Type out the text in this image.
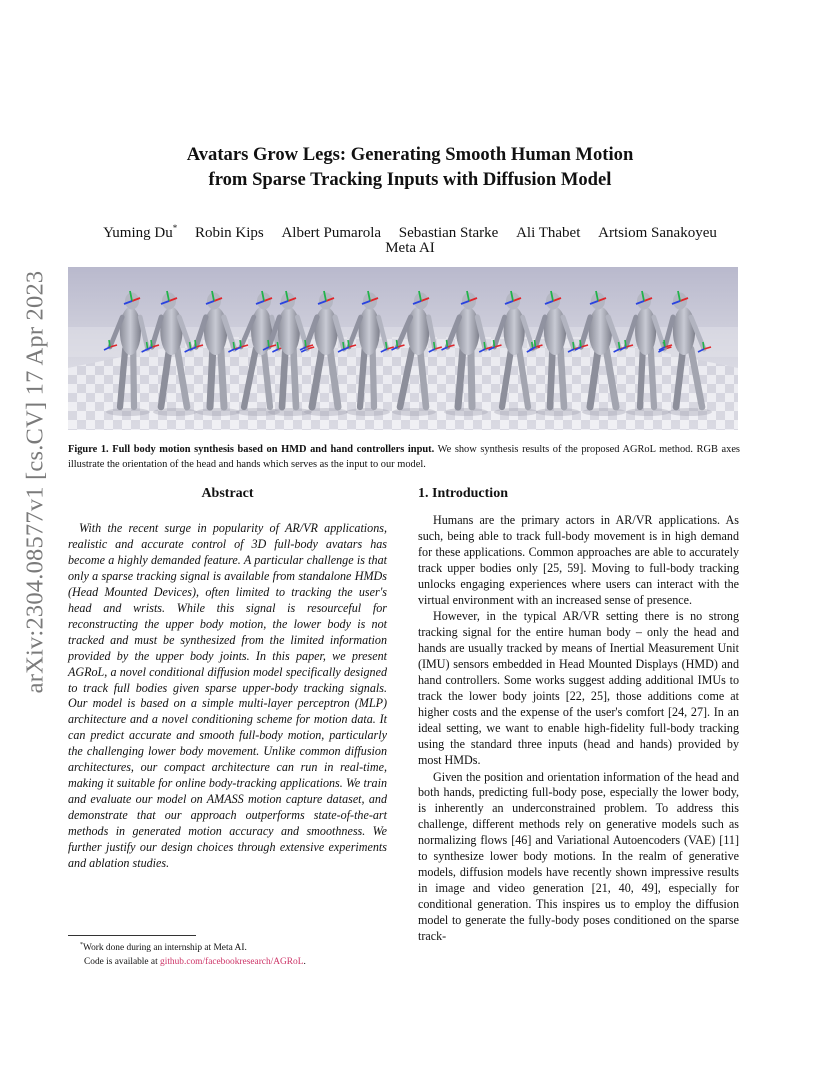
arXiv:2304.08577v1 [cs.CV] 17 Apr 2023
Avatars Grow Legs: Generating Smooth Human Motion
from Sparse Tracking Inputs with Diffusion Model
Yuming Du* Robin Kips Albert Pumarola Sebastian Starke Ali Thabet Artsiom Sanakoyeu
Meta AI
Figure 1. Full body motion synthesis based on HMD and hand controllers input. We show synthesis results of the proposed AGRoL method. RGB axes illustrate the orientation of the head and hands which serves as the input to our model.
Abstract
With the recent surge in popularity of AR/VR applications, realistic and accurate control of 3D full-body avatars has become a highly demanded feature. A particular challenge is that only a sparse tracking signal is available from standalone HMDs (Head Mounted Devices), often limited to tracking the user's head and wrists. While this signal is resourceful for reconstructing the upper body motion, the lower body is not tracked and must be synthesized from the limited information provided by the upper body joints. In this paper, we present AGRoL, a novel conditional diffusion model specifically designed to track full bodies given sparse upper-body tracking signals. Our model is based on a simple multi-layer perceptron (MLP) architecture and a novel conditioning scheme for motion data. It can predict accurate and smooth full-body motion, particularly the challenging lower body movement. Unlike common diffusion architectures, our compact architecture can run in real-time, making it suitable for online body-tracking applications. We train and evaluate our model on AMASS motion capture dataset, and demonstrate that our approach outperforms state-of-the-art methods in generated motion accuracy and smoothness. We further justify our design choices through extensive experiments and ablation studies.
1. Introduction

Humans are the primary actors in AR/VR applications. As such, being able to track full-body movement is in high demand for these applications. Common approaches are able to accurately track upper bodies only [25, 59]. Moving to full-body tracking unlocks engaging experiences where users can interact with the virtual environment with an increased sense of presence.

However, in the typical AR/VR setting there is no strong tracking signal for the entire human body – only the head and hands are usually tracked by means of Inertial Measurement Unit (IMU) sensors embedded in Head Mounted Displays (HMD) and hand controllers. Some works suggest adding additional IMUs to track the lower body joints [22, 25], those additions come at higher costs and the expense of the user's comfort [24, 27]. In an ideal setting, we want to enable high-fidelity full-body tracking using the standard three inputs (head and hands) provided by most HMDs.

Given the position and orientation information of the head and both hands, predicting full-body pose, especially the lower body, is inherently an underconstrained problem. To address this challenge, different methods rely on generative models such as normalizing flows [46] and Variational Autoencoders (VAE) [11] to synthesize lower body motions. In the realm of generative models, diffusion models have recently shown impressive results in image and video generation [21, 40, 49], especially for conditional generation. This inspires us to employ the diffusion model to generate the fully-body poses conditioned on the sparse track-

*Work done during an internship at Meta AI.
Code is available at github.com/facebookresearch/AGRoL.
